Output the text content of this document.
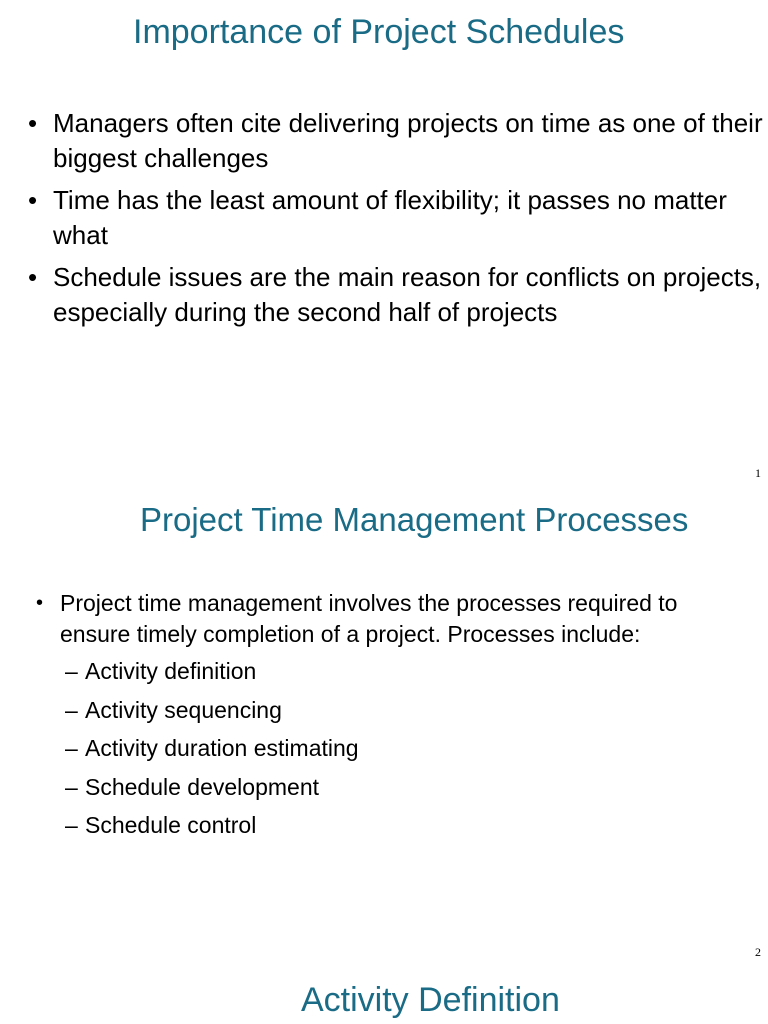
Importance of Project Schedules
• Managers often cite delivering projects on time as one of their biggest challenges
• Time has the least amount of flexibility; it passes no matter what
• Schedule issues are the main reason for conflicts on projects, especially during the second half of projects
1
Project Time Management Processes
• Project time management involves the processes required to ensure timely completion of a project. Processes include:
– Activity definition
– Activity sequencing
– Activity duration estimating
– Schedule development
– Schedule control
2
Activity Definition
